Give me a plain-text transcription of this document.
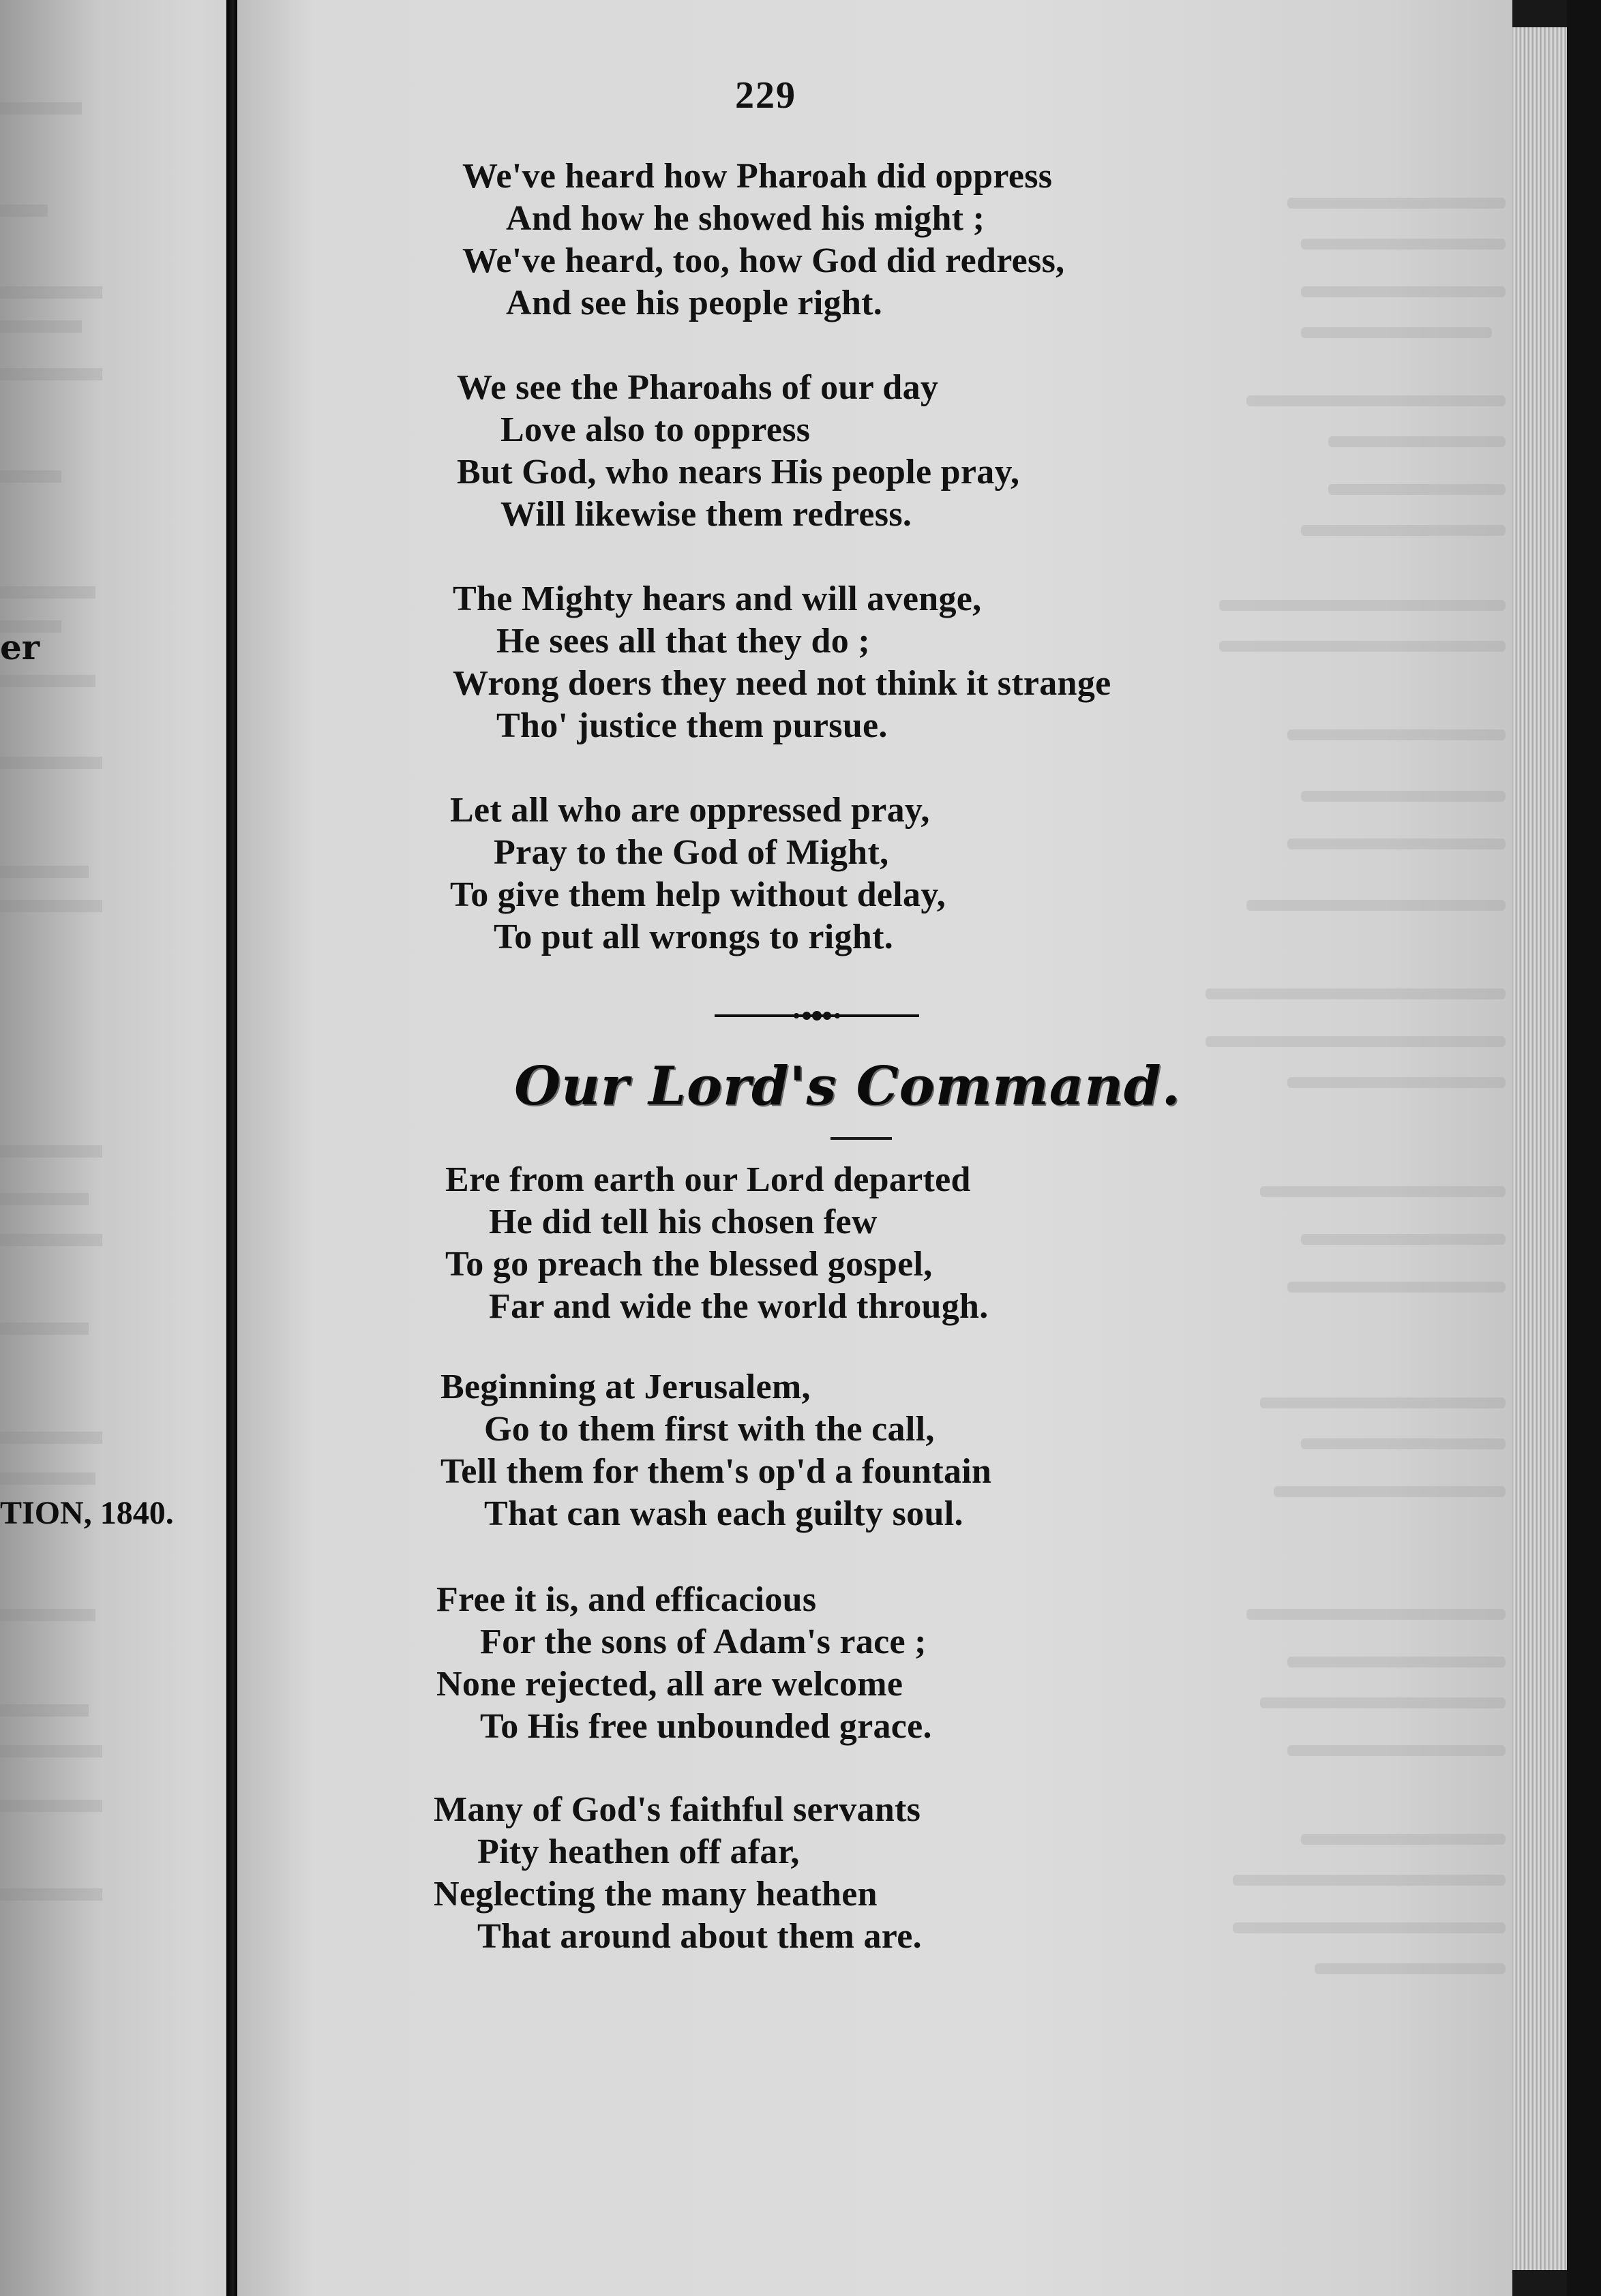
er
TION, 1840.
229
We've heard how Pharoah did oppress
And how he showed his might ;
We've heard, too, how God did redress,
And see his people right.
We see the Pharoahs of our day
Love also to oppress
But God, who nears His people pray,
Will likewise them redress.
The Mighty hears and will avenge,
He sees all that they do ;
Wrong doers they need not think it strange
Tho' justice them pursue.
Let all who are oppressed pray,
Pray to the God of Might,
To give them help without delay,
To put all wrongs to right.
Our Lord's Command.
Ere from earth our Lord departed
He did tell his chosen few
To go preach the blessed gospel,
Far and wide the world through.
Beginning at Jerusalem,
Go to them first with the call,
Tell them for them's op'd a fountain
That can wash each guilty soul.
Free it is, and efficacious
For the sons of Adam's race ;
None rejected, all are welcome
To His free unbounded grace.
Many of God's faithful servants
Pity heathen off afar,
Neglecting the many heathen
That around about them are.
